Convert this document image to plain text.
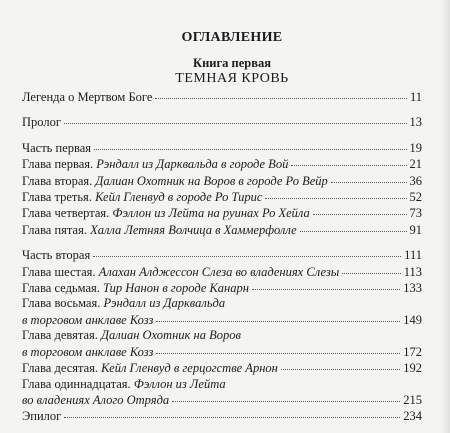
ОГЛАВЛЕНИЕ
Книга первая
ТЕМНАЯ КРОВЬ
Легенда о Мертвом Боге	11
Пролог	13
Часть первая	19
Глава первая. Рэндалл из Дарквальда в городе Вой	21
Глава вторая. Далиан Охотник на Воров в городе Ро Вейр	36
Глава третья. Кейл Гленвуд в городе Ро Тирис	52
Глава четвертая. Фэллон из Лейта на руинах Ро Хейла	73
Глава пятая. Халла Летняя Волчица в Хаммерфолле	91
Часть вторая	111
Глава шестая. Алахан Алджессон Слеза во владениях Слезы	113
Глава седьмая. Тир Нанон в городе Канарн	133
Глава восьмая. Рэндалл из Дарквальда
в торговом анклаве Козз	149
Глава девятая. Далиан Охотник на Воров
в торговом анклаве Козз	172
Глава десятая. Кейл Гленвуд в герцогстве Арнон	192
Глава одиннадцатая. Фэллон из Лейта
во владениях Алого Отряда	215
Эпилог	234
